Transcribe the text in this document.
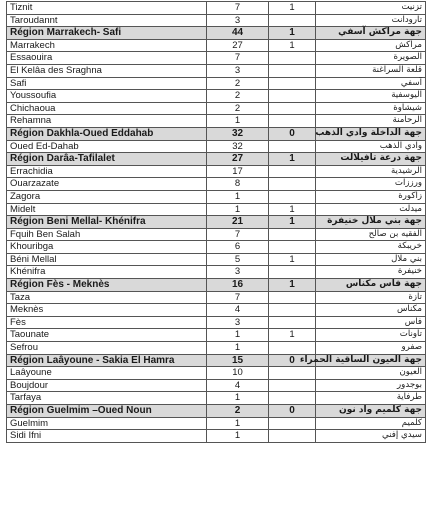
Tiznit	7	1	تزنيت
Taroudannt	3		تارودانت
Région Marrakech- Safi	44	1	جهة مراكش آسفي
Marrakech	27	1	مراكش
Essaouira	7		الصويرة
El Kelâa des Sraghna	3		قلعة السراغنة
Safi	2		آسفي
Youssoufia	2		اليوسفية
Chichaoua	2		شيشاوة
Rehamna	1		الرحامنة
Région Dakhla-Oued Eddahab	32	0	جهة الداخلة وادي الذهب
Oued Ed-Dahab	32		وادي الذهب
Région Darâa-Tafilalet	27	1	جهة درعة تافيلالت
Errachidia	17		الرشيدية
Ouarzazate	8		ورززات
Zagora	1		زاكورة
Midelt	1	1	ميدلت
Région Beni Mellal- Khénifra	21	1	جهة بني ملال خنيفرة
Fquih Ben Salah	7		الفقيه بن صالح
Khouribga	6		خريبكة
Béni Mellal	5	1	بني ملال
Khénifra	3		خنيفرة
Région Fès - Meknès	16	1	جهة فاس مكناس
Taza	7		تازة
Meknès	4		مكناس
Fès	3		فاس
Taounate	1	1	تاونات
Sefrou	1		صفرو
Région Laâyoune - Sakia El Hamra	15	0	جهة العيون الساقية الحمراء
Laâyoune	10		العيون
Boujdour	4		بوجدور
Tarfaya	1		طرفاية
Région Guelmim –Oued Noun	2	0	جهة كلميم واد نون
Guelmim	1		كلميم
Sidi Ifni	1		سيدي إفني
